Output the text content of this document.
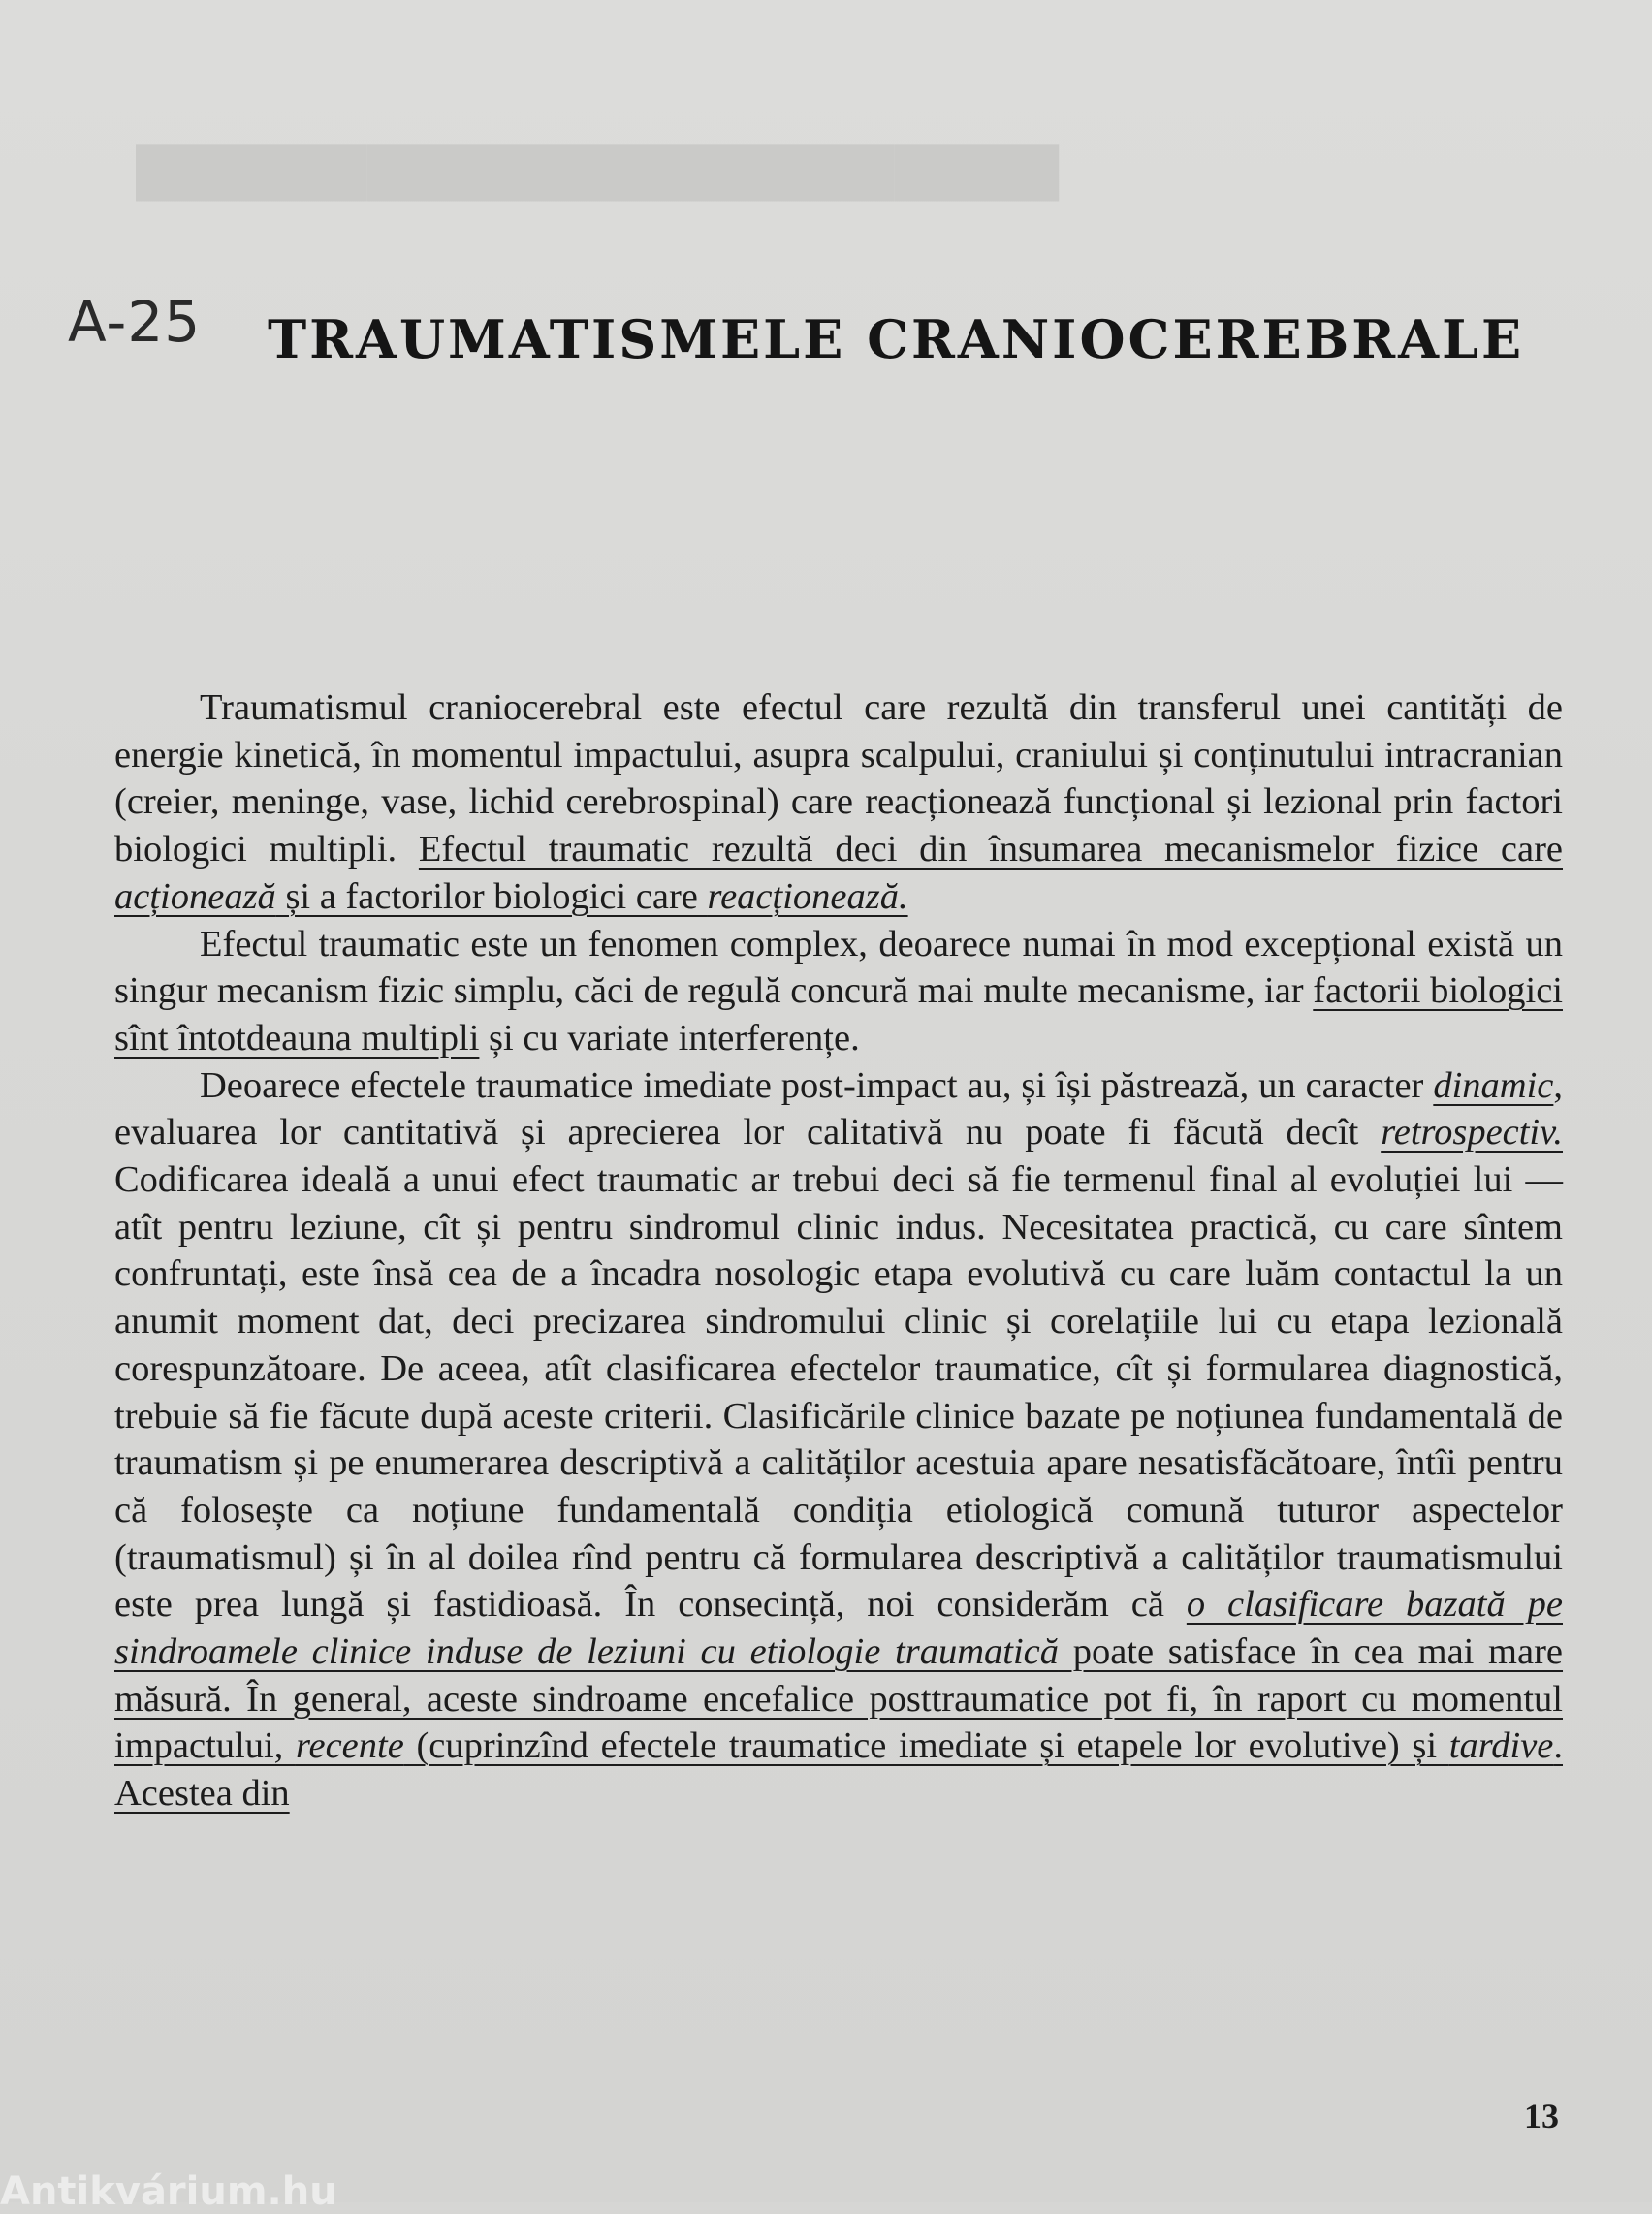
████████████████████████████
A-25 TRAUMATISMELE CRANIOCEREBRALE

Traumatismul craniocerebral este efectul care rezultă din transferul unei cantități de energie kinetică, în momentul impactului, asupra scalpului, craniului și conținutului intracranian (creier, meninge, vase, lichid cerebrospinal) care reacționează funcțional și lezional prin factori biologici multipli. Efectul traumatic rezultă deci din însumarea mecanismelor fizice care acționează și a factorilor biologici care reacționează.

Efectul traumatic este un fenomen complex, deoarece numai în mod excepțional există un singur mecanism fizic simplu, căci de regulă concură mai multe mecanisme, iar factorii biologici sînt întotdeauna multipli și cu variate interferențe.

Deoarece efectele traumatice imediate post-impact au, și își păstrează, un caracter dinamic, evaluarea lor cantitativă și aprecierea lor calitativă nu poate fi făcută decît retrospectiv. Codificarea ideală a unui efect traumatic ar trebui deci să fie termenul final al evoluției lui — atît pentru leziune, cît și pentru sindromul clinic indus. Necesitatea practică, cu care sîntem confruntați, este însă cea de a încadra nosologic etapa evolutivă cu care luăm contactul la un anumit moment dat, deci precizarea sindromului clinic și corelațiile lui cu etapa lezională corespunzătoare. De aceea, atît clasificarea efectelor traumatice, cît și formularea diagnostică, trebuie să fie făcute după aceste criterii. Clasificările clinice bazate pe noțiunea fundamentală de traumatism și pe enumerarea descriptivă a calităților acestuia apare nesatisfăcătoare, întîi pentru că folosește ca noțiune fundamentală condiția etiologică comună tuturor aspectelor (traumatismul) și în al doilea rînd pentru că formularea descriptivă a calităților traumatismului este prea lungă și fastidioasă. În consecință, noi considerăm că o clasificare bazată pe sindroamele clinice induse de leziuni cu etiologie traumatică poate satisface în cea mai mare măsură. În general, aceste sindroame encefalice posttraumatice pot fi, în raport cu momentul impactului, recente (cuprinzînd efectele traumatice imediate și etapele lor evolutive) și tardive. Acestea din

13
Antikvárium.hu
